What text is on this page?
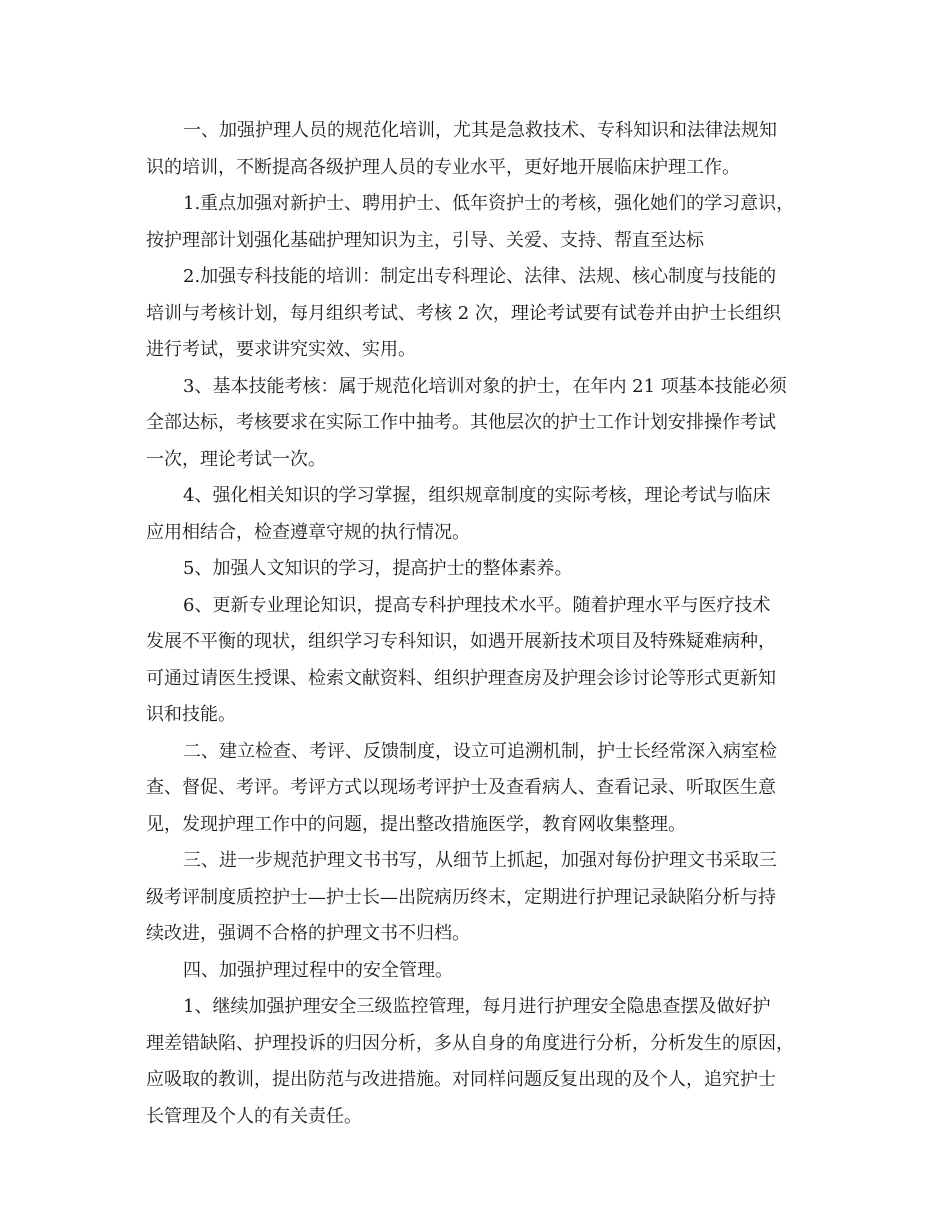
一、加强护理人员的规范化培训，尤其是急救技术、专科知识和法律法规知
识的培训，不断提高各级护理人员的专业水平，更好地开展临床护理工作。
1.重点加强对新护士、聘用护士、低年资护士的考核，强化她们的学习意识，
按护理部计划强化基础护理知识为主，引导、关爱、支持、帮直至达标
2.加强专科技能的培训：制定出专科理论、法律、法规、核心制度与技能的
培训与考核计划，每月组织考试、考核 2 次，理论考试要有试卷并由护士长组织
进行考试，要求讲究实效、实用。
3、基本技能考核：属于规范化培训对象的护士，在年内 21 项基本技能必须
全部达标，考核要求在实际工作中抽考。其他层次的护士工作计划安排操作考试
一次，理论考试一次。
4、强化相关知识的学习掌握，组织规章制度的实际考核，理论考试与临床
应用相结合，检查遵章守规的执行情况。
5、加强人文知识的学习，提高护士的整体素养。
6、更新专业理论知识，提高专科护理技术水平。随着护理水平与医疗技术
发展不平衡的现状，组织学习专科知识，如遇开展新技术项目及特殊疑难病种，
可通过请医生授课、检索文献资料、组织护理查房及护理会诊讨论等形式更新知
识和技能。
二、建立检查、考评、反馈制度，设立可追溯机制，护士长经常深入病室检
查、督促、考评。考评方式以现场考评护士及查看病人、查看记录、听取医生意
见，发现护理工作中的问题，提出整改措施医学，教育网收集整理。
三、进一步规范护理文书书写，从细节上抓起，加强对每份护理文书采取三
级考评制度质控护士—护士长—出院病历终末，定期进行护理记录缺陷分析与持
续改进，强调不合格的护理文书不归档。
四、加强护理过程中的安全管理。
1、继续加强护理安全三级监控管理，每月进行护理安全隐患查摆及做好护
理差错缺陷、护理投诉的归因分析，多从自身的角度进行分析，分析发生的原因，
应吸取的教训，提出防范与改进措施。对同样问题反复出现的及个人，追究护士
长管理及个人的有关责任。
